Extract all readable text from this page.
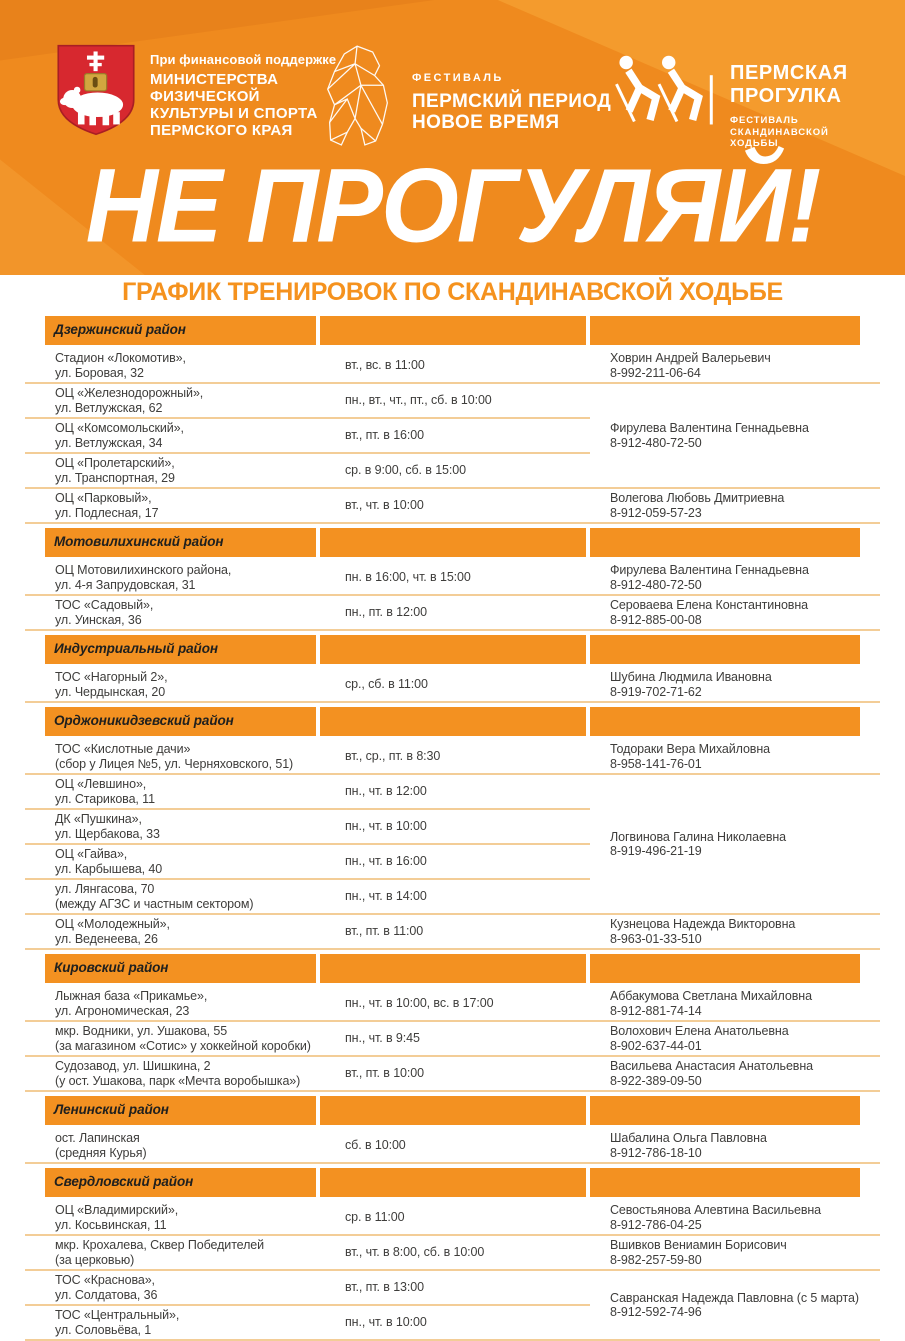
При финансовой поддержке
МИНИСТЕРСТВА
ФИЗИЧЕСКОЙ
КУЛЬТУРЫ И СПОРТА
ПЕРМСКОГО КРАЯ
ФЕСТИВАЛЬ
ПЕРМСКИЙ ПЕРИОД
НОВОЕ ВРЕМЯ
ПЕРМСКАЯ
ПРОГУЛКА
ФЕСТИВАЛЬ
СКАНДИНАВСКОЙ
ХОДЬБЫ
НЕ ПРОГУЛЯЙ!
ГРАФИК ТРЕНИРОВОК ПО СКАНДИНАВСКОЙ ХОДЬБЕ
Дзержинский район		

Стадион «Локомотив»,
ул. Боровая, 32
	вт., вс. в 11:00	
Ховрин Андрей Валерьевич
8-992-211-06-64

ОЦ «Железнодорожный»,
ул. Ветлужская, 62
	пн., вт., чт., пт., сб. в 10:00	
Фирулева Валентина Геннадьевна
8-912-480-72-50

ОЦ «Комсомольский»,
ул. Ветлужская, 34	вт., пт. в 16:00	

ОЦ «Пролетарский»,
ул. Транспортная, 29	ср. в 9:00, сб. в 15:00	

ОЦ «Парковый»,
ул. Подлесная, 17
	вт., чт. в 10:00	
Волегова Любовь Дмитриевна
8-912-059-57-23

Мотовилихинский район		

ОЦ Мотовилихинского района,
ул. 4-я Запрудовская, 31
	пн. в 16:00, чт. в 15:00	
Фирулева Валентина Геннадьевна
8-912-480-72-50

ТОС «Садовый»,
ул. Уинская, 36
	пн., пт. в 12:00	
Сероваева Елена Константиновна
8-912-885-00-08

Индустриальный район		

ТОС «Нагорный 2»,
ул. Чердынская, 20
	ср., сб. в 11:00	
Шубина Людмила Ивановна
8-919-702-71-62

Орджоникидзевский район		

ТОС «Кислотные дачи»
(сбор у Лицея №5, ул. Черняховского, 51)
	вт., ср., пт. в 8:30	
Тодораки Вера Михайловна
8-958-141-76-01

ОЦ «Левшино»,
ул. Старикова, 11
	пн., чт. в 12:00	
Логвинова Галина Николаевна
8-919-496-21-19

ДК «Пушкина»,
ул. Щербакова, 33	пн., чт. в 10:00	

ОЦ «Гайва»,
ул. Карбышева, 40	пн., чт. в 16:00	

ул. Лянгасова, 70
(между АГЗС и частным сектором)	пн., чт. в 14:00	

ОЦ «Молодежный»,
ул. Веденеева, 26
	вт., пт. в 11:00	
Кузнецова Надежда Викторовна
8-963-01-33-510

Кировский район		

Лыжная база «Прикамье»,
ул. Агрономическая, 23
	пн., чт. в 10:00, вс. в 17:00	
Аббакумова Светлана Михайловна
8-912-881-74-14

мкр. Водники, ул. Ушакова, 55
(за магазином «Сотис» у хоккейной коробки)
	пн., чт. в 9:45	
Волохович Елена Анатольевна
8-902-637-44-01

Судозавод, ул. Шишкина, 2
(у ост. Ушакова, парк «Мечта воробышка»)
	вт., пт. в 10:00	
Васильева Анастасия Анатольевна
8-922-389-09-50

Ленинский район		

ост. Лапинская
(средняя Курья)
	сб. в 10:00	
Шабалина Ольга Павловна
8-912-786-18-10

Свердловский район		

ОЦ «Владимирский»,
ул. Косьвинская, 11
	ср. в 11:00	
Севостьянова Алевтина Васильевна
8-912-786-04-25

мкр. Крохалева, Сквер Победителей
(за церковью)
	вт., чт. в 8:00, сб. в 10:00	
Вшивков Вениамин Борисович
8-982-257-59-80

ТОС «Краснова»,
ул. Солдатова, 36
	вт., пт. в 13:00	
Савранская Надежда Павловна (с 5 марта)
8-912-592-74-96

ТОС «Центральный»,
ул. Соловьёва, 1	пн., чт. в 10:00	
